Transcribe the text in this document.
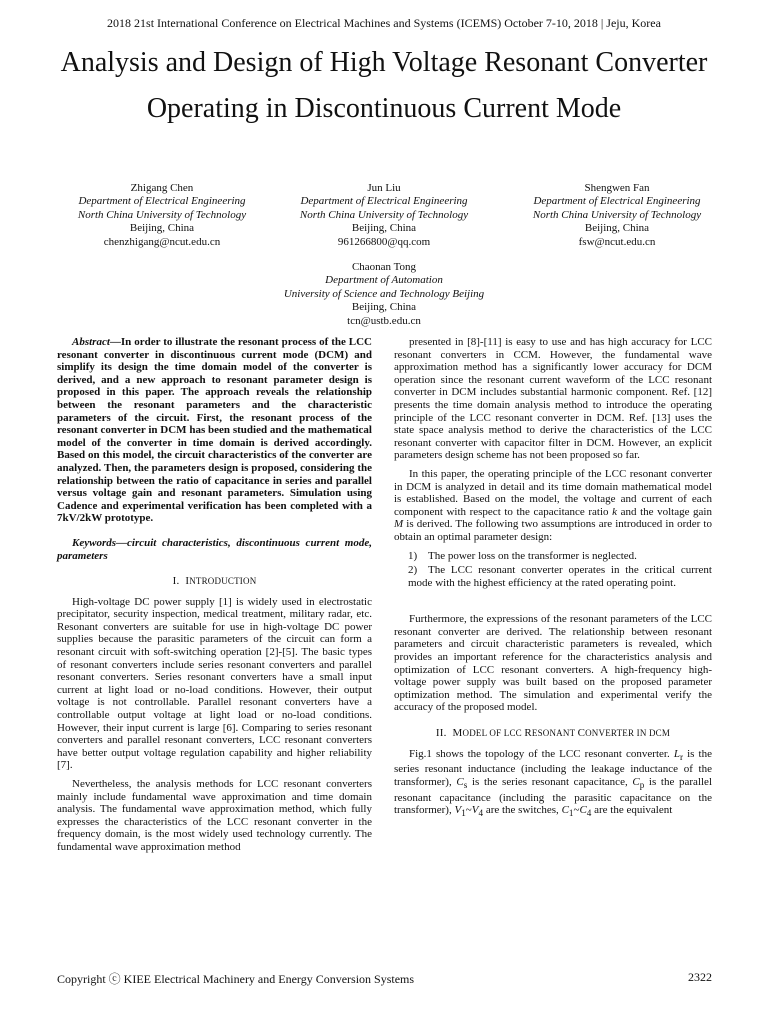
2018 21st International Conference on Electrical Machines and Systems (ICEMS) October 7-10, 2018 | Jeju, Korea
Analysis and Design of High Voltage Resonant Converter Operating in Discontinuous Current Mode
Zhigang Chen
Department of Electrical Engineering
North China University of Technology
Beijing, China
chenzhigang@ncut.edu.cn
Jun Liu
Department of Electrical Engineering
North China University of Technology
Beijing, China
961266800@qq.com
Shengwen Fan
Department of Electrical Engineering
North China University of Technology
Beijing, China
fsw@ncut.edu.cn
Chaonan Tong
Department of Automation
University of Science and Technology Beijing
Beijing, China
tcn@ustb.edu.cn

Abstract—In order to illustrate the resonant process of the LCC resonant converter in discontinuous current mode (DCM) and simplify its design the time domain model of the converter is derived, and a new approach to resonant parameter design is proposed in this paper. The approach reveals the relationship between the resonant parameters and the characteristic parameters of the circuit. First, the resonant process of the resonant converter in DCM has been studied and the mathematical model of the converter in time domain is derived accordingly. Based on this model, the circuit characteristics of the converter are analyzed. Then, the parameters design is proposed, considering the relationship between the ratio of capacitance in series and parallel versus voltage gain and resonant parameters. Simulation using Cadence and experimental verification has been completed with a 7kV/2kW prototype.

Keywords—circuit characteristics, discontinuous current mode, parameters

I. INTRODUCTION

High-voltage DC power supply [1] is widely used in electrostatic precipitator, security inspection, medical treatment, military radar, etc. Resonant converters are suitable for use in high-voltage DC power supplies because the parasitic parameters of the circuit can form a resonant circuit with soft-switching operation [2]-[5]. The basic types of resonant converters include series resonant converters and parallel resonant converters. Series resonant converters have a small input current at light load or no-load conditions. However, their output voltage is not controllable. Parallel resonant converters have a controllable output voltage at light load or no-load conditions. However, their input current is large [6]. Comparing to series resonant converters and parallel resonant converters, LCC resonant converters have better output voltage regulation capability and higher reliability [7].

Nevertheless, the analysis methods for LCC resonant converters mainly include fundamental wave approximation and time domain analysis. The fundamental wave approximation method, which fully expresses the characteristics of the LCC resonant converter in the frequency domain, is the most widely used technology currently. The fundamental wave approximation method

presented in [8]-[11] is easy to use and has high accuracy for LCC resonant converters in CCM. However, the fundamental wave approximation method has a significantly lower accuracy for DCM operation since the resonant current waveform of the LCC resonant converter in DCM includes substantial harmonic component. Ref. [12] presents the time domain analysis method to introduce the operating principle of the LCC resonant converter in DCM. Ref. [13] uses the state space analysis method to derive the characteristics of the LCC resonant converter with capacitor filter in DCM. However, an explicit parameters design scheme has not been proposed so far.

In this paper, the operating principle of the LCC resonant converter in DCM is analyzed in detail and its time domain mathematical model is established. Based on the model, the voltage and current of each component with respect to the capacitance ratio k and the voltage gain M is derived. The following two assumptions are introduced in order to obtain an optimal parameter design:

1) The power loss on the transformer is neglected.

2) The LCC resonant converter operates in the critical current mode with the highest efficiency at the rated operating point.

Furthermore, the expressions of the resonant parameters of the LCC resonant converter are derived. The relationship between resonant parameters and circuit characteristic parameters is revealed, which provides an important reference for the characteristics analysis and optimization of LCC resonant converters. A high-frequency high-voltage power supply was built based on the proposed parameter optimization method. The simulation and experimental verify the accuracy of the proposed model.

II. MODEL OF LCC RESONANT CONVERTER IN DCM

Fig.1 shows the topology of the LCC resonant converter. $L_r$ is the series resonant inductance (including the leakage inductance of the transformer), $C_s$ is the series resonant capacitance, $C_p$ is the parallel resonant capacitance (including the parasitic capacitance on the transformer), $V_1\sim V_4$ are the switches, $C_1\sim C_4$ are the equivalent

Copyright ⓒ KIEE Electrical Machinery and Energy Conversion Systems	2322
